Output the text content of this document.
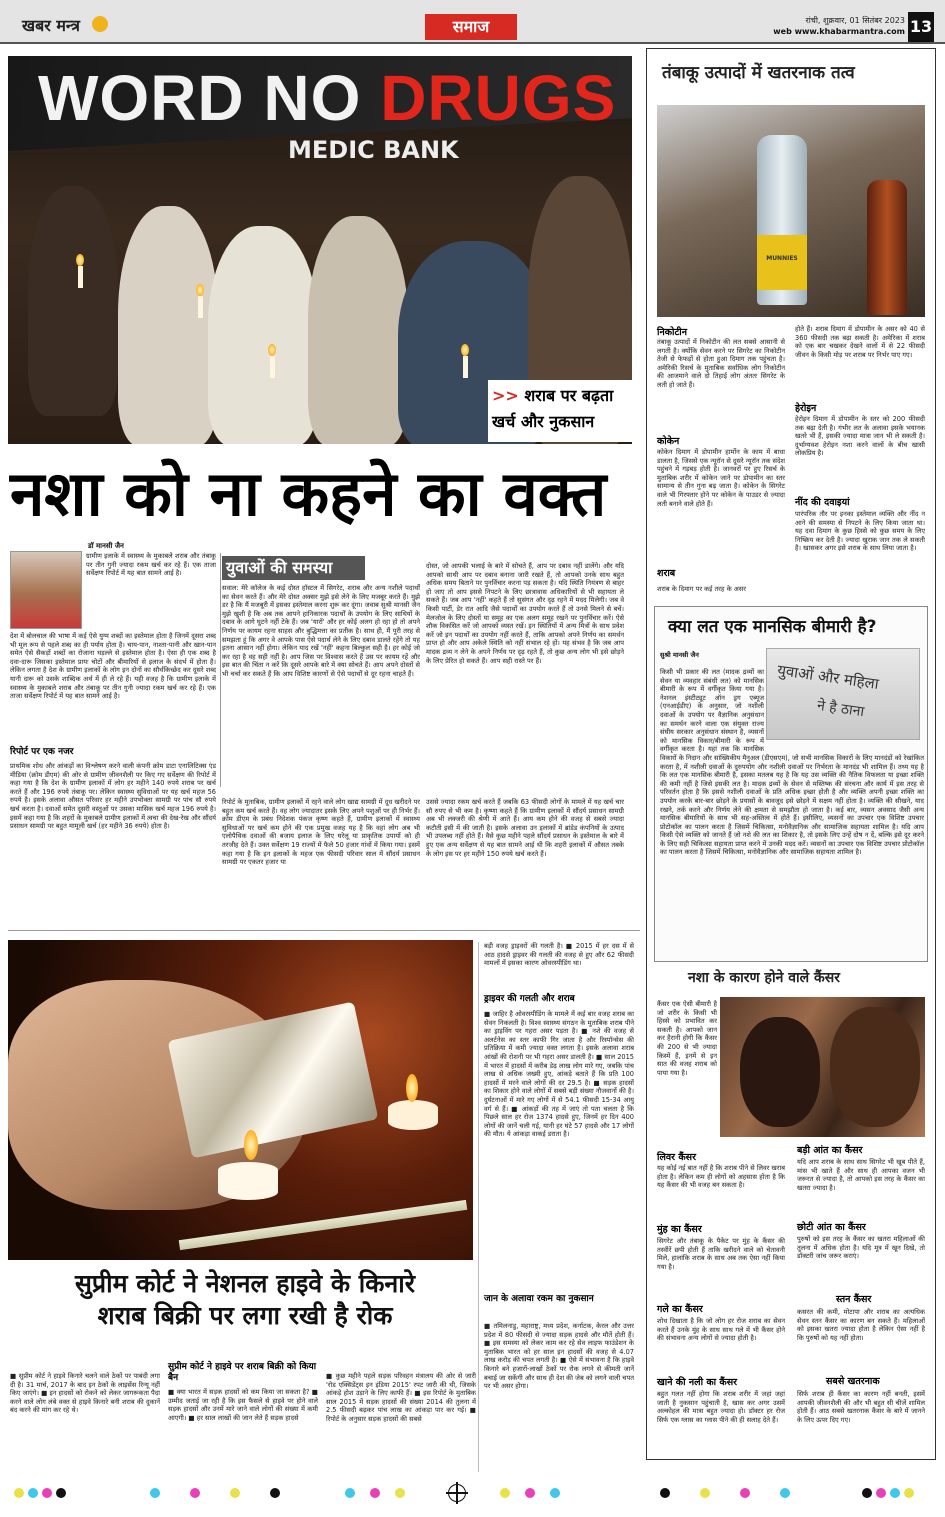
खबर मन्त्र	समाज	रांची, शुक्रवार, 01 सितंबर 2023
web www.khabarmantra.com 13
WORD NO DRUGS
MEDIC BANK
>> शराब पर बढ़ता
खर्च और नुकसान
नशा को ना कहने का वक्त
डॉ मानसी जैन
ग्रामीण इलाके में स्वास्थ्य के मुकाबले शराब और तंबाकू पर तीन गुनी ज्यादा रकम खर्च कर रहे हैं। एक ताजा सर्वेक्षण रिपोर्ट में यह बात सामने आई है।
देश में बोलचाल की भाषा में कई ऐसे युग्म शब्दों का इस्तेमाल होता है जिनमें दूसरा शब्द भी मूल रूप से पहले शब्द का ही पर्याय होता है। चाय-पान, नाश्ता-पानी और खान-पान समेत ऐसे सैकड़ों शब्दों का रोजाना घड़ल्ले से इस्तेमाल होता है। ऐसा ही एक शब्द है दवा-दारू जिसका इस्तेमाल प्रायः चोटों और बीमारियों से इलाज के संदर्भ में होता है। लेकिन लगता है देश के ग्रामीण इलाकों के लोग इन दोनों का सौर्थकिच्छेद कर दूसरे शब्द यानी दारू को उसके शाब्दिक अर्थ में ही ले रहे हैं। यही वजह है कि ग्रामीण इलाके में स्वास्थ्य के मुकाबले शराब और तंबाकू पर तीन गुनी ज्यादा रकम खर्च कर रहे हैं। एक ताजा सर्वेक्षण रिपोर्ट में यह बात सामने आई है।
रिपोर्ट पर एक नजर
प्राथमिक शोध और आंकड़ों का विश्लेषण करने वाली कंपनी क्रोम डाटा एनालिटिक्स एंड मीडिया (क्रोम डीएम) की ओर से ग्रामीण जीवनशैली पर किए गए सर्वेक्षण की रिपोर्ट में कहा गया है कि देश के ग्रामीण इलाकों में लोग हर महीने 140 रुपये शराब पर खर्च करते हैं और 196 रुपये तंबाकू पर। लेकिन स्वास्थ्य सुविधाओं पर यह खर्च महज 56 रुपये है। इसके अलावा औसत परिवार हर महीने उपभोक्ता सामग्री पर पांच सौ रुपये खर्च करता है। दवाओं समेत दूसरी वस्तुओं पर उसका मासिक खर्च महज 196 रुपये है। इसमें कहा गया है कि शहरों के मुकाबले ग्रामीण इलाकों में त्वचा की देख-रेख और सौंदर्य प्रसाधन सामग्री पर बहुत मामूली खर्च (हर महीने 36 रुपये) होता है।
युवाओं की समस्या
सवाल: मेरे कॉलेज के कई दोस्त हॉस्टल में सिगरेट, शराब और अन्य नशीले पदार्थों का सेवन करते हैं। और मेरे दोस्त अक्सर मुझे इसे लेने के लिए मजबूर करते हैं। मुझे डर है कि मैं मजबूरी में इसका इस्तेमाल करना शुरू कर दूंगा। जवाब सुश्री मानसी जैन मुझे खुशी है कि अब तक आपने हानिकारक पदार्थों के उपयोग के लिए साथियों के दबाव के आगे घुटने नहीं टेके हैं। जब 'यारों' और हर कोई अलग हो रहा हो तो अपने निर्णय पर कायम रहना साहस और बुद्धिमत्ता का प्रतीक है। साथ ही, मैं पूरी तरह से समझता हूं कि अगर वे आपके पास ऐसे पदार्थ लेने के लिए दबाव डालते रहेंगे तो यह इतना आसान नहीं होगा। लेकिन याद रखें 'नहीं' कहना बिल्कुल सही है। हर कोई जो कर रहा है वह सही नहीं है। आप जिस पर विश्वास करते हैं उस पर कायम रहें और इस बात की चिंता न करें कि दूसरे आपके बारे में क्या सोचते हैं। आप अपने दोस्तों से भी चर्चा कर सकते हैं कि आप विशिष्ट कारणों से ऐसे पदार्थों से दूर रहना चाहते हैं।
दोस्त, जो आपकी भलाई के बारे में सोचते हैं, आप पर दबाव नहीं डालेंगे। और यदि आपको साथी आप पर दबाव बनाना जारी रखते हैं, तो आपको उनके साथ बहुत अधिक समय बिताने पर पुनर्विचार करना पड़ सकता है। यदि स्थिति नियंत्रण से बाहर हो जाए तो आप इससे निपटने के लिए छात्रावास अधिकारियों से भी सहायता ले सकते हैं। जब आप 'नहीं' कहते हैं तो सुसंगत और दृढ़ रहने में मदद मिलेगी। जब वे किसी पार्टी, डेर रात आदि जैसे पदार्थों का उपयोग करते हैं तो उनसे मिलने से बचें। मेलजोल के लिए दोस्तों या समूह का एक अलग समूह रखने पर पुनर्विचार करें। ऐसे शौक विकसित करें जो आपको व्यस्त रखें। इन स्थितियों में अन्य मित्रों के साथ प्रवेश करें जो इन पदार्थों का उपयोग नहीं करते हैं, ताकि आपको अपने निर्णय का समर्थन प्राप्त हो और आप अकेले स्थिति को नहीं संभाल रहे हों। यह संभव है कि जब आप मादक द्रव्य न लेने के अपने निर्णय पर दृढ़ रहते हैं, तो कुछ अन्य लोग भी इसे छोड़ने के लिए प्रेरित हो सकते हैं। आप सही रास्ते पर हैं।
रिपोर्ट के मुताबिक, ग्रामीण इलाकों में रहने वाले लोग खाद्य सामग्री में दूध खरीदने पर बहुत कम खर्च करते हैं। वह लोग ज्यादातर इसके लिए अपने पशुओं पर ही निर्भर हैं। क्रोम डीएम के प्रबंध निदेशक पंकज कृष्ण कहते हैं, ग्रामीण इलाकों में स्वास्थ्य सुविधाओं पर खर्च कम होने की एक प्रमुख वजह यह है कि वहां लोग अब भी एलोपैथिक दवाओं की बजाय इलाज के लिए घरेलू या प्राकृतिक उपायों को ही तरजीह देते हैं। उक्त सर्वेक्षण 19 राज्यों में फैले 50 हजार गांवों में किया गया। इसमें कहा गया है कि इन इलाकों के महज एक फीसदी परिवार साल में सौंदर्य प्रसाधन सामग्री पर एकतर हजार या
उससे ज्यादा रकम खर्च करते हैं जबकि 63 फीसदी लोगों के मामले में यह खर्च चार सौ रुपए से भी कम है। कृष्णा कहते हैं कि ग्रामीण इलाकों में सौंदर्य प्रसाधन सामग्री अब भी लक्जरी की श्रेणी में आते हैं। आय कम होने की वजह से सबसे ज्यादा कटौती इसी में की जाती है। इसके अलावा उन इलाकों में ब्रांडेड कंपनियों के उत्पाद भी उपलब्ध नहीं होते हैं। वैसे कुछ महीने पहले सौंदर्य प्रसाधन के इस्तेमाल के बारे में हुए एक अन्य सर्वेक्षण से यह बात सामने आई थी कि शहरी इलाकों में औसत तबके के लोग इस पर हर महीने 150 रुपये खर्च करते हैं।
तंबाकू उत्पादों में खतरनाक तत्व
MUNNIES
निकोटीन
तंबाकू उत्पादों में निकोटीन की लत सबसे आसानी से लगती है। क्योंकि सेवन करने पर सिगरेट का निकोटीन तेजी से फेफड़ों से होता हुआ दिमाग तक पहुंचता है। अमेरिकी रिसर्च के मुताबिक सर्वाधिक लोग निकोटीन की आजमाने वाले दो तिहाई लोग अंततः सिगरेट के लती हो जाते हैं।
कोकेन
कोकेन दिमाग में डोपामीन हार्मोन के काम में बाधा डालता है, जिससे एक न्यूरॉन से दूसरे न्यूरॉन तक संदेश पहुंचने में गड़बड़ होती है। जानवरों पर हुए रिसर्च के मुताबिक शरीर में कोकेन जाने पर डोपामीन का स्तर सामान्य से तीन गुना बढ़ जाता है। कोकेन के सिगरेट वाले भी गिरफ्तार होने पर कोकेन के पाउडर से ज्यादा लती बनाने वाले होते हैं।
शराब
शराब के दिमाग पर कई तरह के असर
होते हैं। शराब दिमाग में डोपामीन के असर को 40 से 360 फीसदी तक बढ़ा सकती है। अमेरिका में शराब को एक बार चखकर देखने वालों में से 22 फीसदी जीवन के किसी मोड़ पर शराब पर निर्भर पाए गए।
हेरोइन
हेरोइन दिमाग में डोपामीन के स्तर को 200 फीसदी तक बढ़ा देती है। गंभीर लत के अलावा इसके भयानक खतरे भी हैं, इसकी ज्यादा मात्रा जान भी ले सकती है। दुर्भाग्यवश हेरोइन नशा करने वालों के बीच खासी लोकप्रिय है।
नींद की दवाइयां
पारंपरिक तौर पर इनका इस्तेमाल व्यक्ति और नींद न आने की समस्या से निपटने के लिए किया जाता था। यह दवा दिमाग के कुछ हिस्से को कुछ समय के लिए निष्क्रिय कर देती है। ज्यादा खुराक जान तक ले सकती है। खासकर अगर इसे शराब के साथ लिया जाता है।
क्या लत एक मानसिक बीमारी है?
सुश्री मानसी जैन
युवाओं और महिला
ने है ठाना
किसी भी प्रकार की लत (मादक द्रव्यों का सेवन या व्यवहार संबंधी लत) को मानसिक बीमारी के रूप में वर्गीकृत किया गया है। नेशनल इंस्टीट्यूट ऑन ड्रग एब्यूज (एनआईडीए) के अनुसार, जो नशीली दवाओं के उपयोग पर वैज्ञानिक अनुसंधान का समर्थन करने वाला एक संयुक्त राज्य संघीय सरकार अनुसंधान संस्थान है, व्यसनों को मानसिक विकार/बीमारी के रूप में वर्गीकृत करता है। यहां तक कि मानसिक विकारों के निदान और सांख्यिकीय मैनुअल (डीएसएम), जो सभी मानसिक विकारों के लिए मानदंडों को रेखांकित करता है, में नशीली दवाओं के दुरुपयोग और नशीली दवाओं पर निर्भरता के मानदंड भी शामिल हैं। तथ्य यह है कि लत एक मानसिक बीमारी है, इसका मतलब यह है कि यह उस व्यक्ति की नैतिक विफलता या इच्छा शक्ति की कमी नहीं है जिसे इसकी लत है। मादक द्रव्यों के सेवन से मस्तिष्क की संरचना और कार्य में इस तरह से परिवर्तन होता है कि इससे नशीली दवाओं के प्रति अधिक इच्छा होती है और व्यक्ति अपनी इच्छा शक्ति का उपयोग करके बार-बार छोड़ने के प्रयासों के बावजूद इसे छोड़ने में सक्षम नहीं होता है। व्यक्ति की सीखने, याद रखने, तर्क करने और निर्णय लेने की क्षमता से समझौता हो जाता है। कई बार, व्यसन अवसाद जैसी अन्य मानसिक बीमारियों के साथ भी सह-अस्तित्व में होते हैं। इसीलिए, व्यसनों का उपचार एक विशिष्ट उपचार प्रोटोकॉल का पालन करता है जिसमें चिकित्सा, मनोवैज्ञानिक और सामाजिक सहायता शामिल है। यदि आप किसी ऐसे व्यक्ति को जानते हैं जो नशे की लत का शिकार है, तो इसके लिए उन्हें दोष न दें, बल्कि इसे दूर करने के लिए सही चिकित्सा सहायता प्राप्त करने में उनकी मदद करें। व्यसनों का उपचार एक विशिष्ट उपचार प्रोटोकॉल का पालन करता है जिसमें चिकित्सा, मनोवैज्ञानिक और सामाजिक सहायता शामिल है।
नशा के कारण होने वाले कैंसर
कैंसर एक ऐसी बीमारी है जो शरीर के किसी भी हिस्से को प्रभावित कर सकती है। आपको जान कर हैरानी होगी कि कैंसर की 200 से भी ज्यादा किस्में हैं, इनमें से इन सात की वजह शराब को पाया गया है।
लिवर कैंसर
यह कोई नई बात नहीं है कि शराब पीने से लिवर खराब होता है। लेकिन कम ही लोगों को अहसास होता है कि यह कैंसर की भी वजह बन सकता है।
मुंह का कैंसर
सिगरेट और तंबाकू के पैकेट पर मुंह के कैंसर की तस्वीरें छपी होती हैं ताकि खरीदने वाले को चेतावनी मिले, हालांकि शराब के साथ अब तक ऐसा नहीं किया गया है।
गले का कैंसर
शोध दिखाता है कि जो लोग हर रोज शराब का सेवन करते हैं उनके मुंह के साथ साथ गले में भी कैंसर होने की संभावना अन्य लोगों से ज्यादा होती है।
खाने की नली का कैंसर
बहुत गलत नहीं होगा कि शराब शरीर में जहां जहां जाती है नुकसान पहुंचाती है, खास कर अगर उसमें अल्कोहल की मात्रा बहुत ज्यादा हो। डॉक्टर हर रोज सिर्फ एक ग्लास का ग्लास पीने की ही सलाह देते हैं।
बड़ी आंत का कैंसर
यदि आप शराब के साथ साथ सिगरेट भी खूब पीते हैं, मांस भी खाते हैं और साथ ही आपका वजन भी जरूरत से ज्यादा है, तो आपको इस तरह के कैंसर का खतरा ज्यादा है।
छोटी आंत का कैंसर
पुरुषों को इस तरह के कैंसर का खतरा महिलाओं की तुलना में अधिक होता है। यदि मूत्र में खून दिखे, तो डॉक्टरी जांच जरूर कराएं।
स्तन कैंसर
कसरत की कमी, मोटापा और शराब का अत्यधिक सेवन स्तन कैंसर का कारण बन सकते हैं। महिलाओं को इसका खतरा ज्यादा होता है लेकिन ऐसा नहीं है कि पुरुषों को यह नहीं होता।
सबसे खतरनाक
सिर्फ शराब ही कैंसर का कारण नहीं बनती, इसमें आपकी जीवनशैली की और भी बहुत सी चीजें शामिल होती हैं। आठ सबसे खतरनाक कैंसर के बारे में जानने के लिए ऊपर दिए गए।
सुप्रीम कोर्ट ने नेशनल हाइवे के किनारे
शराब बिक्री पर लगा रखी है रोक
■ सुप्रीम कोर्ट ने हाइवे किनारे चलने वाले ठेकों पर पाबंदी लगा दी है। 31 मार्च, 2017 के बाद इन ठेकों के लाइसेंस रिन्यू नहीं किए जाएंगे। ■ इन हादसों को रोकने को लेकर जागरूकता पैदा करने वाले लोग लंबे वक्त से हाइवे किनारे बनी शराब की दुकानें बंद करने की मांग कर रहे थे।
सुप्रीम कोर्ट ने हाइवे पर शराब बिक्री को किया बैन
■ क्या भारत में सड़क हादसों को कम किया जा सकता है? ■ उम्मीद जताई जा रही है कि इस फैसले से हाइवे पर होने वाले सड़क हादसों और उनमें मारे जाने वाले लोगों की संख्या में कमी आएगी। ■ हर साल लाखों की जान लेते हैं सड़क हादसे
■ कुछ महीने पहले सड़क परिवहन मंत्रालय की ओर से जारी 'रोड एक्सिडेंट्स इन इंडिया 2015' रपट जारी की थी, जिसके आंकड़े होश उड़ाने के लिए काफी हैं। ■ इस रिपोर्ट के मुताबिक साल 2015 में सड़क हादसों की संख्या 2014 की तुलना में 2.5 फीसदी बढ़कर पांच लाख का आंकड़ा पार कर गई। ■ रिपोर्ट के अनुसार सड़क हादसों की सबसे
बड़ी वजह ड्राइवरों की गलती है। ■ 2015 में हर दस में से आठ हादसे ड्राइवर की गलती की वजह से हुए और 62 फीसदी मामलों में इसका कारण ओवरस्पीडिंग था।
ड्राइवर की गलती और शराब
■ जाहिर है ओवरस्पीडिंग के मामले में कई बार वजह शराब का सेवन निकलती है। विश्व स्वास्थ्य संगठन के मुताबिक शराब पीने का ड्राइविंग पर गहरा असर पड़ता है। ■ नशे की वजह से अलर्टनेस का स्तर काफी गिर जाता है और रिस्पॉन्सेस की प्रतिक्रिया में कमी ज्यादा वक्त लगता है। इसके अलावा शराब आंखों की रोशनी पर भी गहरा असर डालती है। ■ साल 2015 में भारत में हादसों में करीब डेढ़ लाख लोग मारे गए, जबकि पांच लाख से अधिक जख्मी हुए, आंकड़े बताते हैं कि प्रति 100 हादसों में मरने वाले लोगों की दर 29.5 है। ■ सड़क हादसों का शिकार होने वाले लोगों में सबसे बड़ी संख्या नौजवानों की है। दुर्घटनाओं में मारे गए लोगों में से 54.1 फीसदी 15-34 आयु वर्ग से हैं। ■ आंकड़ों की तह में जाएं तो पता चलता है कि पिछले साल हर रोज 1374 हादसे हुए, जिनमें हर दिन 400 लोगों की जानें चली गई, यानी हर घंटे 57 हादसे और 17 लोगों की मौत। ये आंकड़ा वाकई डराता है।
जान के अलावा रकम का नुकसान
■ तमिलनाडु, महाराष्ट्र, मध्य प्रदेश, कर्नाटक, केरल और उत्तर प्रदेश में 80 फीसदी से ज्यादा सड़क हादसे और मौतें होती हैं। ■ इस समस्या को लेकर काम कर रहे सेव लाइफ फाउंडेशन के मुताबिक भारत को हर साल इन हादसों की वजह से 4.07 लाख करोड़ की चपत लगती है। ■ ऐसे में संभावना है कि हाइवे किनारे बने हजारों-लाखों ठेकों पर रोक लगने से कीमती जानें बचाई जा सकेंगी और साथ ही देश की जेब को लगने वाली चपत पर भी असर होगा।
